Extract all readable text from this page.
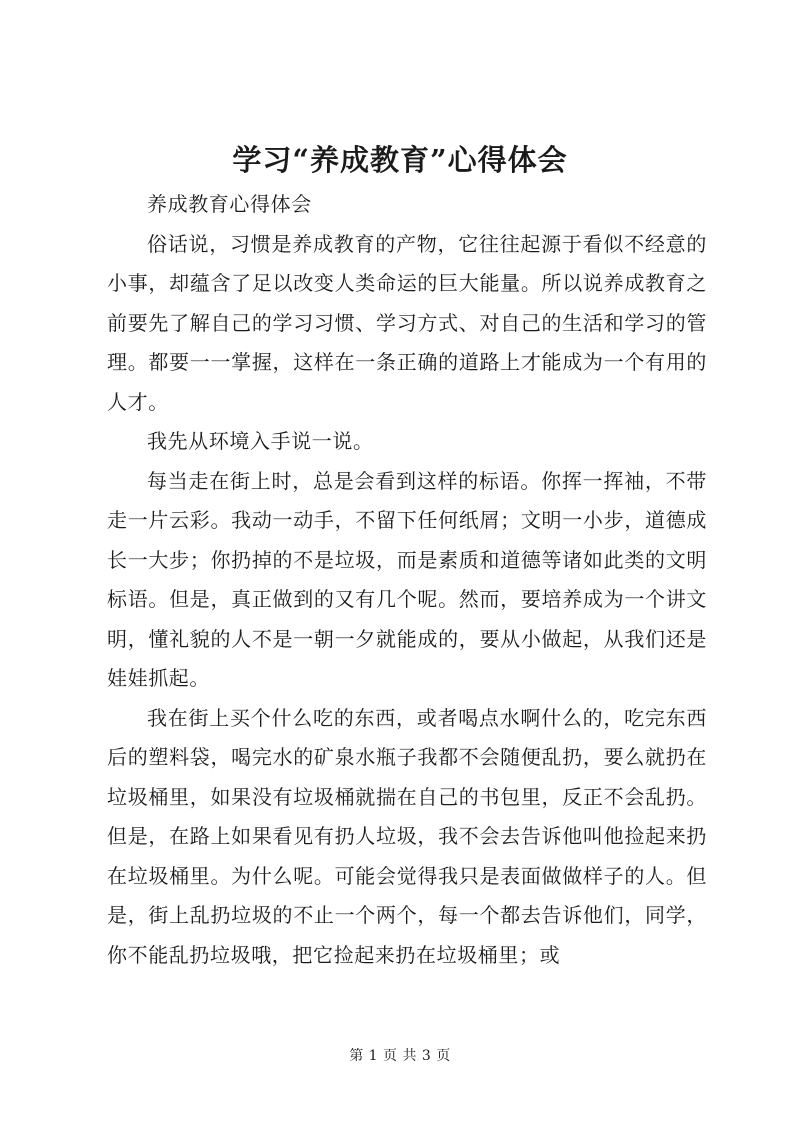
学习“养成教育”心得体会

养成教育心得体会

俗话说，习惯是养成教育的产物，它往往起源于看似不经意的小事，却蕴含了足以改变人类命运的巨大能量。所以说养成教育之前要先了解自己的学习习惯、学习方式、对自己的生活和学习的管理。都要一一掌握，这样在一条正确的道路上才能成为一个有用的人才。

我先从环境入手说一说。

每当走在街上时，总是会看到这样的标语。你挥一挥袖，不带走一片云彩。我动一动手，不留下任何纸屑；文明一小步，道德成长一大步；你扔掉的不是垃圾，而是素质和道德等诸如此类的文明标语。但是，真正做到的又有几个呢。然而，要培养成为一个讲文明，懂礼貌的人不是一朝一夕就能成的，要从小做起，从我们还是娃娃抓起。

我在街上买个什么吃的东西，或者喝点水啊什么的，吃完东西后的塑料袋，喝完水的矿泉水瓶子我都不会随便乱扔，要么就扔在垃圾桶里，如果没有垃圾桶就揣在自己的书包里，反正不会乱扔。但是，在路上如果看见有扔人垃圾，我不会去告诉他叫他捡起来扔在垃圾桶里。为什么呢。可能会觉得我只是表面做做样子的人。但是，街上乱扔垃圾的不止一个两个，每一个都去告诉他们，同学，你不能乱扔垃圾哦，把它捡起来扔在垃圾桶里；或

第 1 页 共 3 页
